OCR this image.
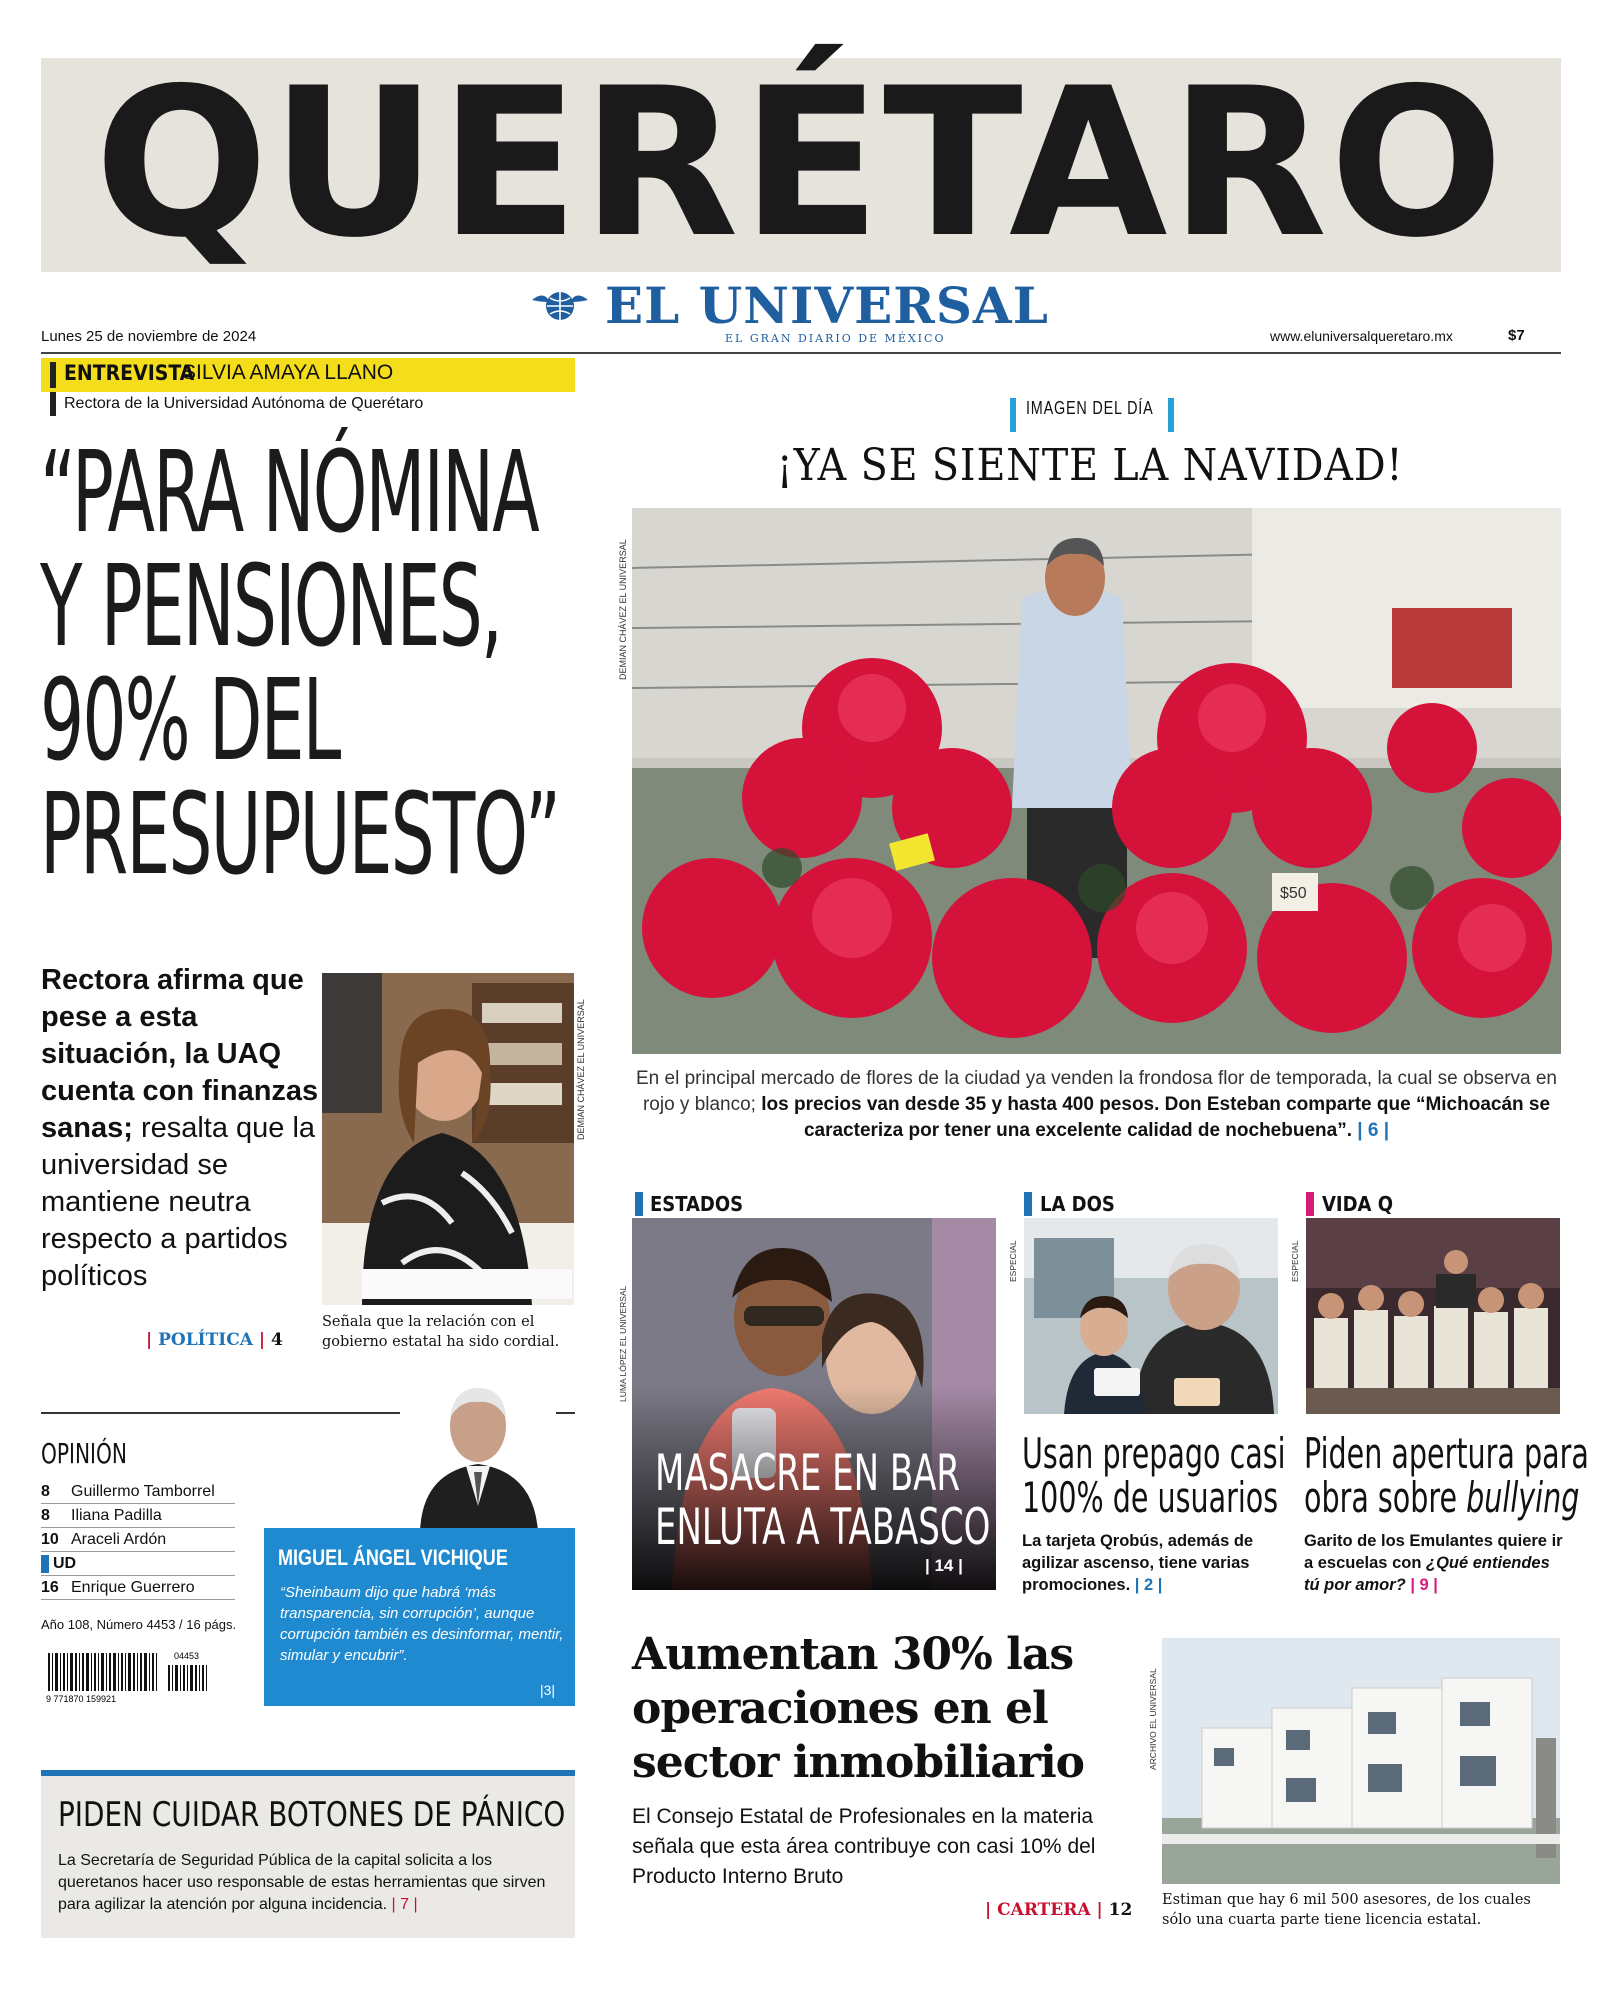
QUERÉTARO
EL UNIVERSAL
EL GRAN DIARIO DE MÉXICO
Lunes 25 de noviembre de 2024	www.eluniversalqueretaro.mx	$7
ENTREVISTA
SILVIA AMAYA LLANO
Rectora de la Universidad Autónoma de Querétaro
“PARA NÓMINA
Y PENSIONES,
90% DEL
PRESUPUESTO”
Rectora afirma que pese a esta situación, la UAQ cuenta con finanzas sanas; resalta que la universidad se mantiene neutra respecto a partidos políticos
| POLÍTICA | 4
DEMIAN CHÁVEZ EL UNIVERSAL
Señala que la relación con el gobierno estatal ha sido cordial.
OPINIÓN
8 Guillermo Tamborrel
8 Iliana Padilla
10 Araceli Ardón
UD
16 Enrique Guerrero
Año 108, Número 4453 / 16 págs.
04453
9 771870 159921
MIGUEL ÁNGEL VICHIQUE
“Sheinbaum dijo que habrá ‘más transparencia, sin corrupción’, aunque corrupción también es desinformar, mentir, simular y encubrir”.
|3|
PIDEN CUIDAR BOTONES DE PÁNICO
La Secretaría de Seguridad Pública de la capital solicita a los queretanos hacer uso responsable de estas herramientas que sirven para agilizar la atención por alguna incidencia. | 7 |
IMAGEN DEL DÍA
¡YA SE SIENTE LA NAVIDAD!
$50
DEMIAN CHÁVEZ EL UNIVERSAL
En el principal mercado de flores de la ciudad ya venden la frondosa flor de temporada, la cual se observa en rojo y blanco; los precios van desde 35 y hasta 400 pesos. Don Esteban comparte que “Michoacán se caracteriza por tener una excelente calidad de nochebuena”. | 6 |
ESTADOS
LUMA LÓPEZ EL UNIVERSAL
MASACRE EN BAR
ENLUTA A TABASCO
| 14 |
LA DOS
ESPECIAL
Usan prepago casi
100% de usuarios
La tarjeta Qrobús, además de agilizar ascenso, tiene varias promociones. | 2 |
VIDA Q
ESPECIAL
Piden apertura para
obra sobre bullying
Garito de los Emulantes quiere ir a escuelas con ¿Qué entiendes tú por amor? | 9 |
Aumentan 30% las operaciones en el sector inmobiliario
El Consejo Estatal de Profesionales en la materia señala que esta área contribuye con casi 10% del Producto Interno Bruto
| CARTERA | 12
ARCHIVO EL UNIVERSAL
Estiman que hay 6 mil 500 asesores, de los cuales sólo una cuarta parte tiene licencia estatal.
